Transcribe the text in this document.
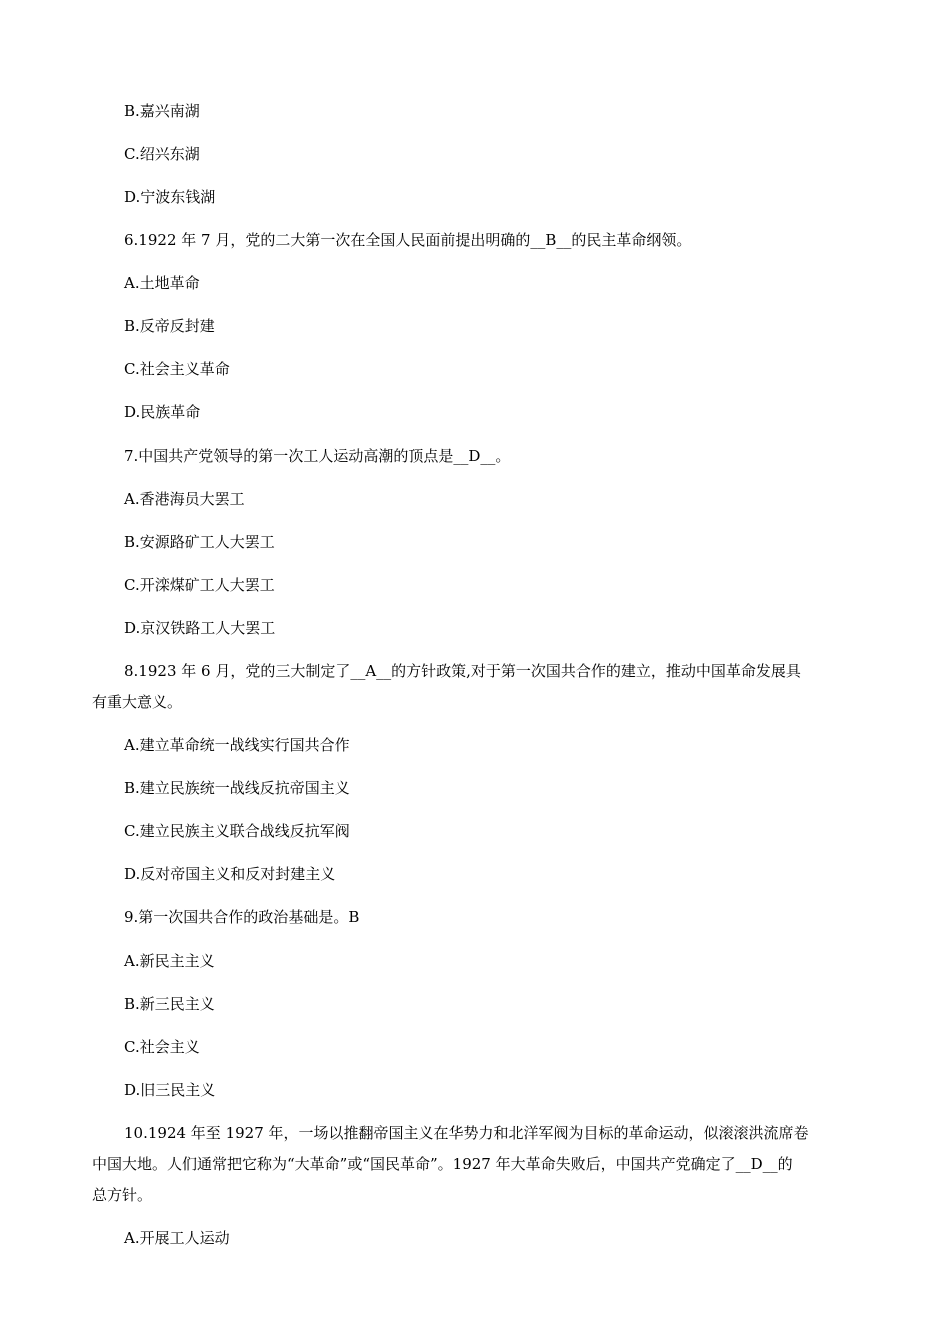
B.嘉兴南湖
C.绍兴东湖
D.宁波东钱湖
6.1922 年 7 月，党的二大第一次在全国人民面前提出明确的__B__的民主革命纲领。
A.土地革命
B.反帝反封建
C.社会主义革命
D.民族革命
7.中国共产党领导的第一次工人运动高潮的顶点是__D__。
A.香港海员大罢工
B.安源路矿工人大罢工
C.开滦煤矿工人大罢工
D.京汉铁路工人大罢工
8.1923 年 6 月，党的三大制定了__A__的方针政策,对于第一次国共合作的建立，推动中国革命发展具
有重大意义。
A.建立革命统一战线实行国共合作
B.建立民族统一战线反抗帝国主义
C.建立民族主义联合战线反抗军阀
D.反对帝国主义和反对封建主义
9.第一次国共合作的政治基础是。B
A.新民主主义
B.新三民主义
C.社会主义
D.旧三民主义
10.1924 年至 1927 年，一场以推翻帝国主义在华势力和北洋军阀为目标的革命运动，似滚滚洪流席卷
中国大地。人们通常把它称为“大革命”或“国民革命”。1927 年大革命失败后，中国共产党确定了__D__的
总方针。
A.开展工人运动
